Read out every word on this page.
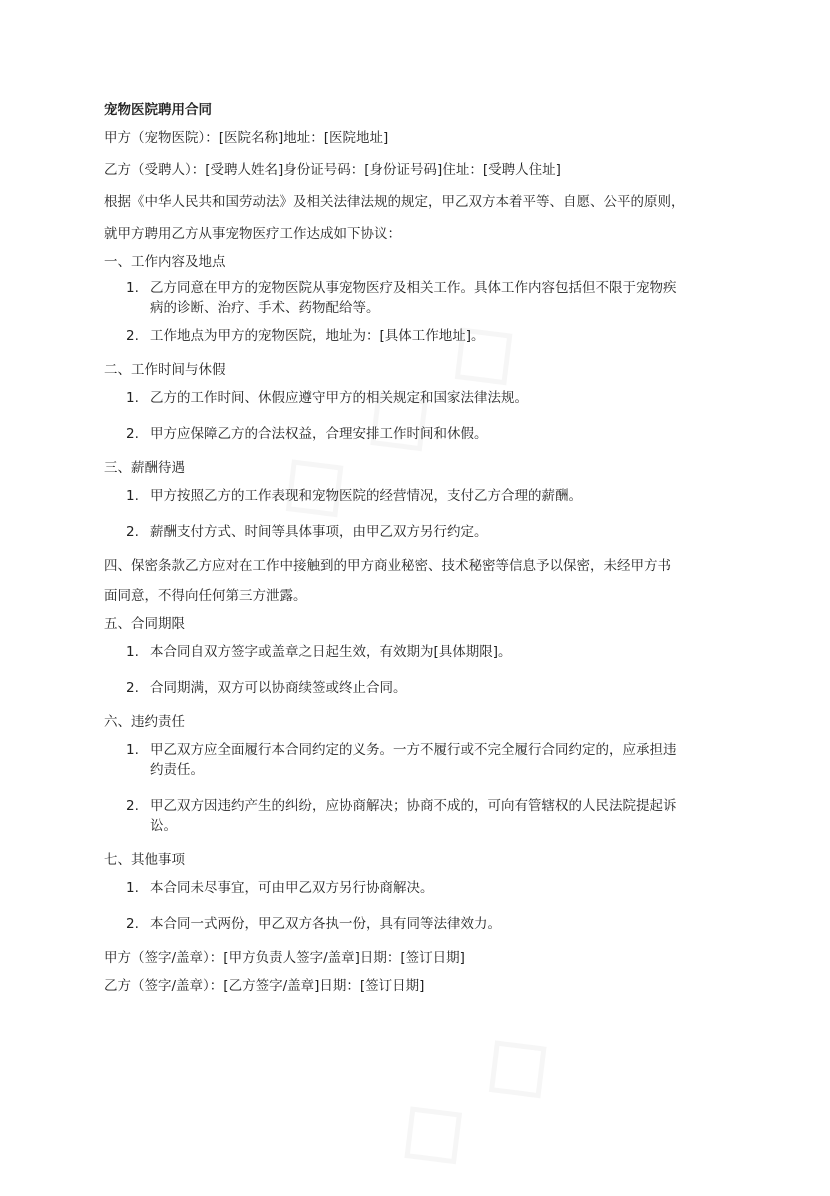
宠物医院聘用合同
甲方（宠物医院）：[医院名称]地址：[医院地址]
乙方（受聘人）：[受聘人姓名]身份证号码：[身份证号码]住址：[受聘人住址]
根据《中华人民共和国劳动法》及相关法律法规的规定，甲乙双方本着平等、自愿、公平的原则，
就甲方聘用乙方从事宠物医疗工作达成如下协议：
一、工作内容及地点
1. 乙方同意在甲方的宠物医院从事宠物医疗及相关工作。具体工作内容包括但不限于宠物疾
病的诊断、治疗、手术、药物配给等。
2. 工作地点为甲方的宠物医院，地址为：[具体工作地址]。
二、工作时间与休假
1. 乙方的工作时间、休假应遵守甲方的相关规定和国家法律法规。
2. 甲方应保障乙方的合法权益，合理安排工作时间和休假。
三、薪酬待遇
1. 甲方按照乙方的工作表现和宠物医院的经营情况，支付乙方合理的薪酬。
2. 薪酬支付方式、时间等具体事项，由甲乙双方另行约定。
四、保密条款乙方应对在工作中接触到的甲方商业秘密、技术秘密等信息予以保密，未经甲方书
面同意，不得向任何第三方泄露。
五、合同期限
1. 本合同自双方签字或盖章之日起生效，有效期为[具体期限]。
2. 合同期满，双方可以协商续签或终止合同。
六、违约责任
1. 甲乙双方应全面履行本合同约定的义务。一方不履行或不完全履行合同约定的，应承担违
约责任。
2. 甲乙双方因违约产生的纠纷，应协商解决；协商不成的，可向有管辖权的人民法院提起诉
讼。
七、其他事项
1. 本合同未尽事宜，可由甲乙双方另行协商解决。
2. 本合同一式两份，甲乙双方各执一份，具有同等法律效力。
甲方（签字/盖章）：[甲方负责人签字/盖章]日期：[签订日期]
乙方（签字/盖章）：[乙方签字/盖章]日期：[签订日期]
